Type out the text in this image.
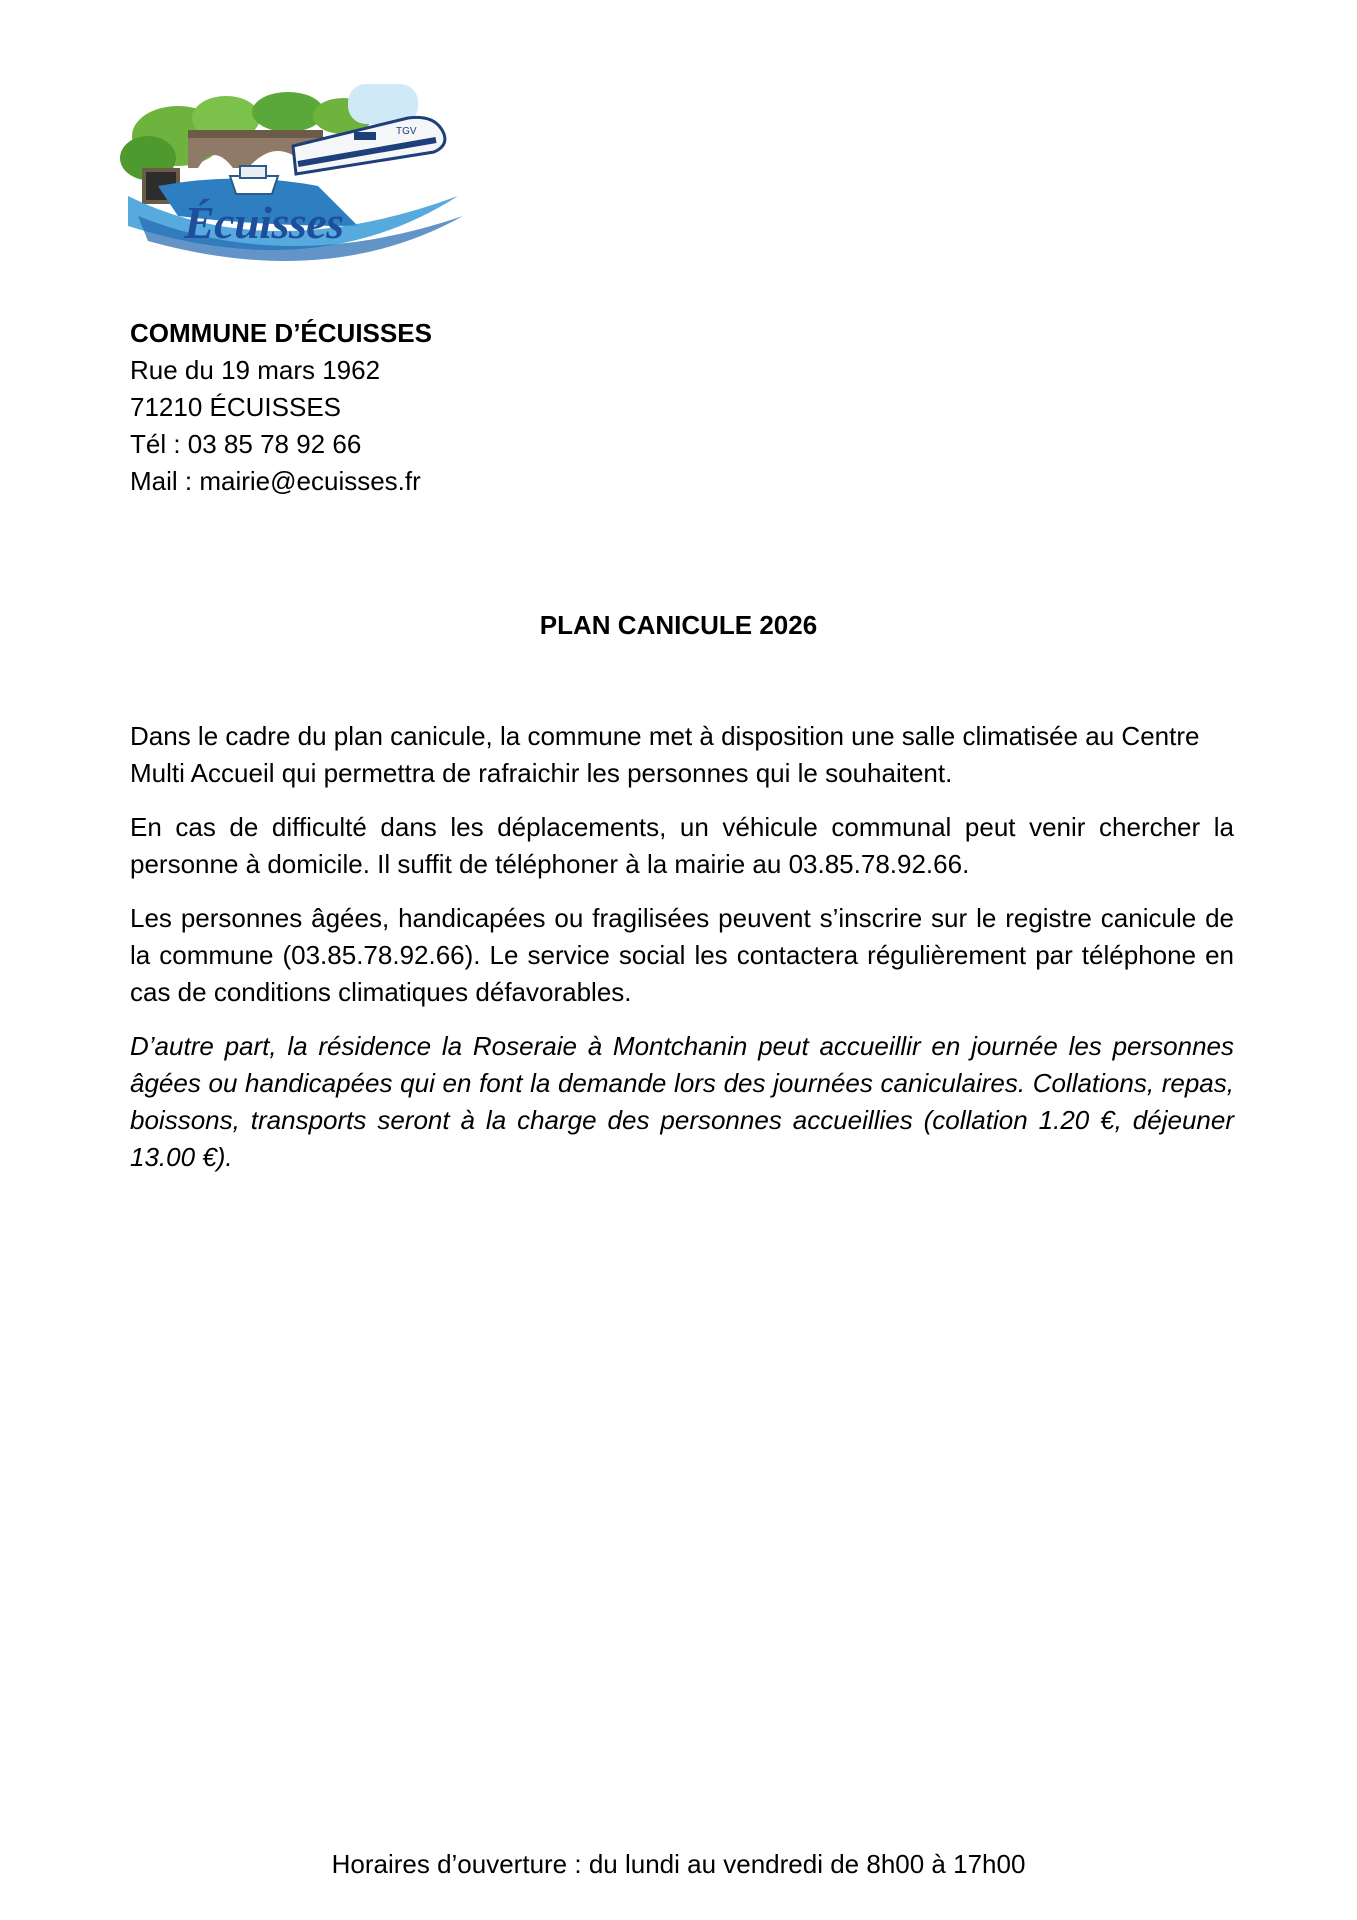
TGV
Écuisses
COMMUNE D’ÉCUISSES
Rue du 19 mars 1962
71210 ÉCUISSES
Tél : 03 85 78 92 66
Mail : mairie@ecuisses.fr
PLAN CANICULE 2026

Dans le cadre du plan canicule, la commune met à disposition une salle climatisée au Centre Multi Accueil qui permettra de rafraichir les personnes qui le souhaitent.

En cas de difficulté dans les déplacements, un véhicule communal peut venir chercher la personne à domicile. Il suffit de téléphoner à la mairie au 03.85.78.92.66.

Les personnes âgées, handicapées ou fragilisées peuvent s’inscrire sur le registre canicule de la commune (03.85.78.92.66). Le service social les contactera régulièrement par téléphone en cas de conditions climatiques défavorables.

D’autre part, la résidence la Roseraie à Montchanin peut accueillir en journée les personnes âgées ou handicapées qui en font la demande lors des journées caniculaires. Collations, repas, boissons, transports seront à la charge des personnes accueillies (collation 1.20 €, déjeuner 13.00 €).

Horaires d’ouverture : du lundi au vendredi de 8h00 à 17h00
